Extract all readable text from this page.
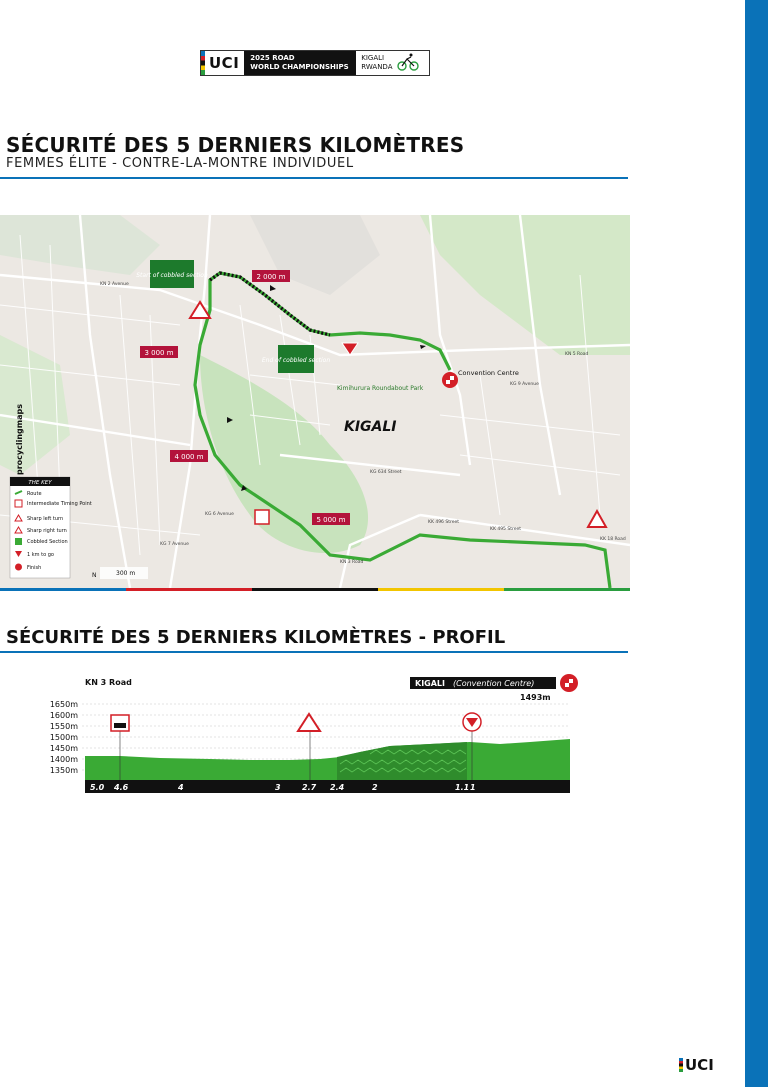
UCI	2025 ROAD
WORLD CHAMPIONSHIPS
KIGALI
RWANDA
SÉCURITÉ DES 5 DERNIERS KILOMÈTRES
FEMMES ÉLITE - CONTRE-LA-MONTRE INDIVIDUEL
KIGALI
Kimihurura Roundabout Park
Convention Centre
Start of cobbled section
End of cobbled section
2 000 m
3 000 m
4 000 m
5 000 m
KN 3 Road
KN 5 Road
KG 634 Street
KK 496 Street
KG 6 Avenue
KN 2 Avenue
KG 7 Avenue
KG 9 Avenue
KK 495 Street
KK 18 Road
procyclingmaps
THE KEY
Route
Intermediate Timing Point
Sharp left turn
Sharp right turn
Cobbled Section
1 km to go
Finish
N	300 m
SÉCURITÉ DES 5 DERNIERS KILOMÈTRES - PROFIL
KN 3 Road	KIGALI (Convention Centre)
1493m
1650m
1600m
1550m
1500m
1450m
1400m
1350m
5.0 4.6	4	3	2.7 2.4	2	1.1 1
UCI
